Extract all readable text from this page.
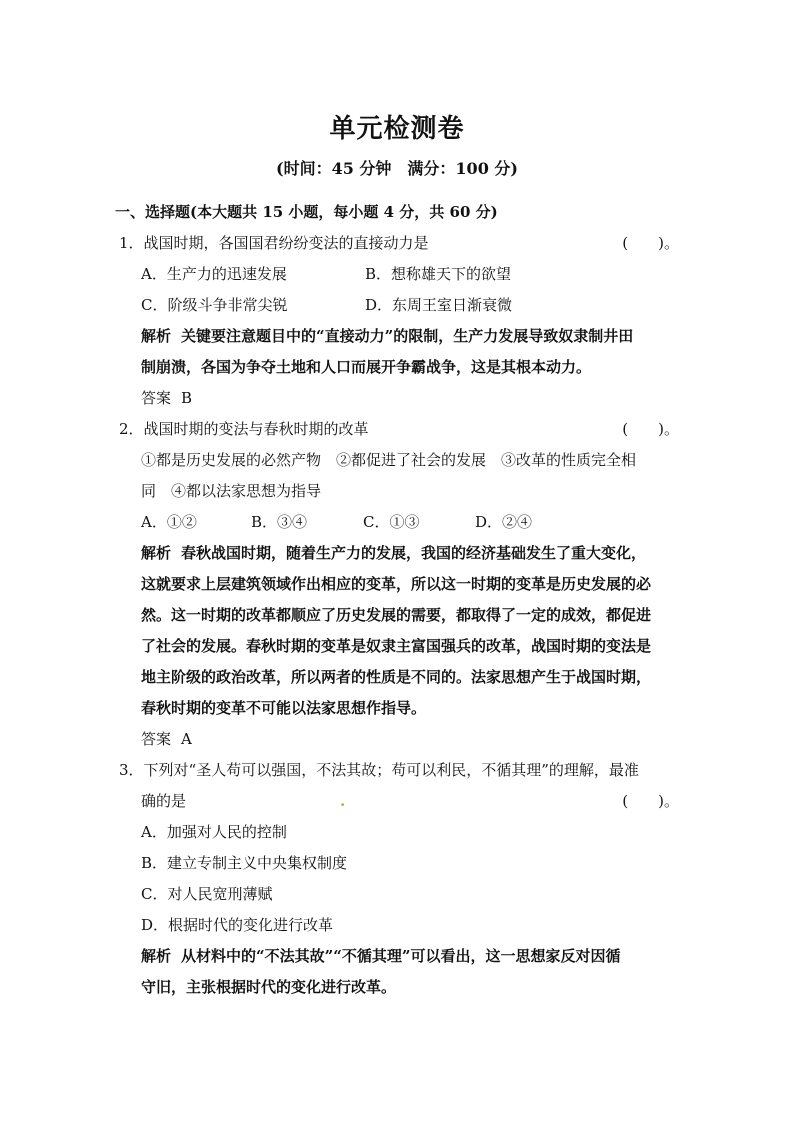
单元检测卷
(时间：45 分钟　满分：100 分)
一、选择题(本大题共 15 小题，每小题 4 分，共 60 分)
1．战国时期，各国国君纷纷变法的直接动力是	(　　)。
A．生产力的迅速发展	B．想称雄天下的欲望
C．阶级斗争非常尖锐	D．东周王室日渐衰微
解析 关键要注意题目中的“直接动力”的限制，生产力发展导致奴隶制井田
制崩溃，各国为争夺土地和人口而展开争霸战争，这是其根本动力。
答案 B
2．战国时期的变法与春秋时期的改革	(　　)。
①都是历史发展的必然产物　②都促进了社会的发展　③改革的性质完全相
同　④都以法家思想为指导
A．①②	B．③④	C．①③	D．②④
解析 春秋战国时期，随着生产力的发展，我国的经济基础发生了重大变化，
这就要求上层建筑领域作出相应的变革，所以这一时期的变革是历史发展的必
然。这一时期的改革都顺应了历史发展的需要，都取得了一定的成效，都促进
了社会的发展。春秋时期的变革是奴隶主富国强兵的改革，战国时期的变法是
地主阶级的政治改革，所以两者的性质是不同的。法家思想产生于战国时期，
春秋时期的变革不可能以法家思想作指导。
答案 A
3．下列对“圣人苟可以强国，不法其故；苟可以利民，不循其理”的理解，最准
确的是	.	(　　)。
A．加强对人民的控制
B．建立专制主义中央集权制度
C．对人民宽刑薄赋
D．根据时代的变化进行改革
解析 从材料中的“不法其故”“不循其理”可以看出，这一思想家反对因循
守旧，主张根据时代的变化进行改革。
